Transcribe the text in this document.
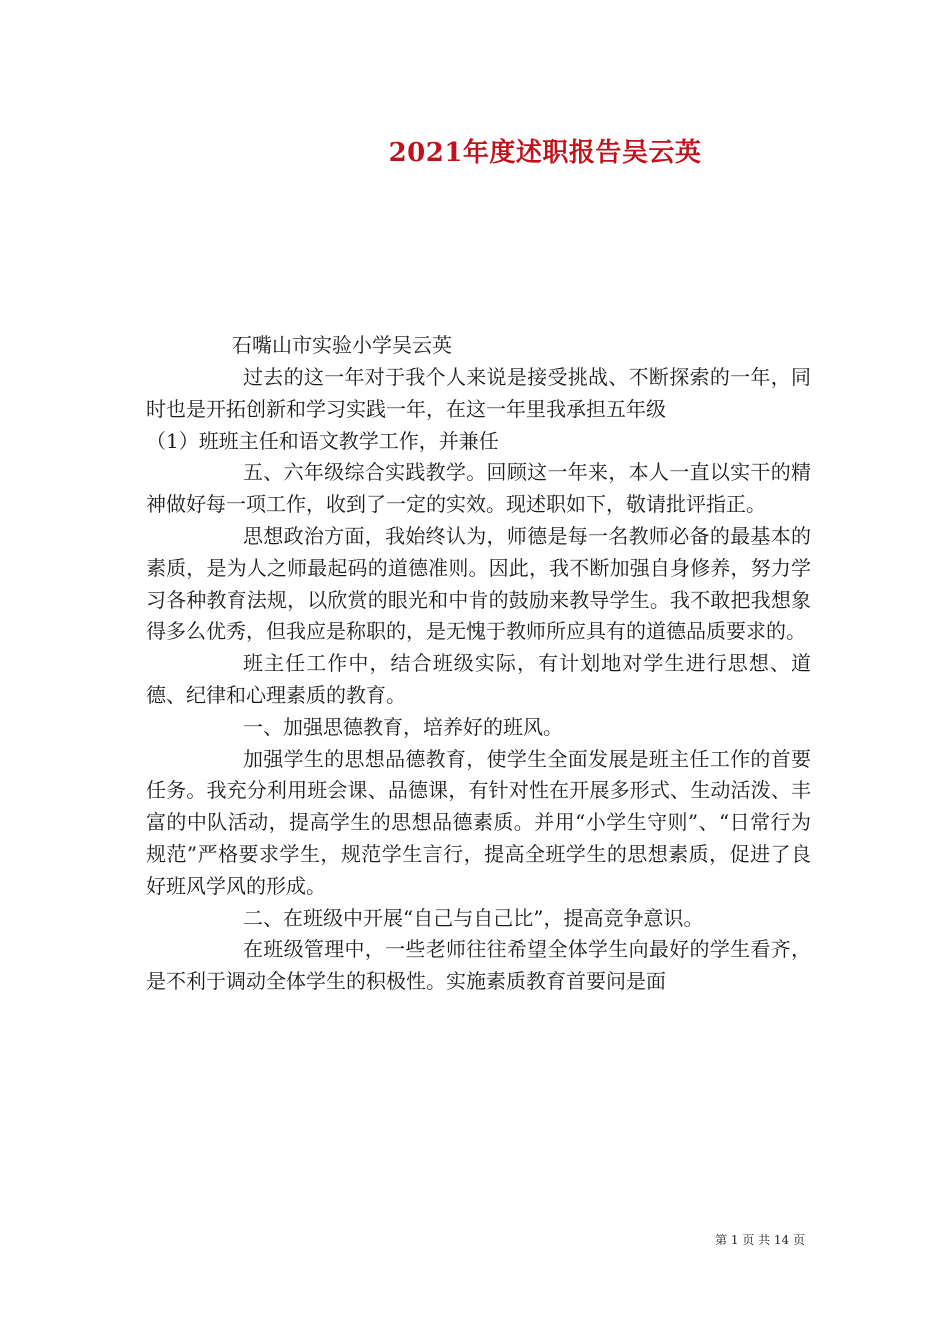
2021年度述职报告吴云英
石嘴山市实验小学吴云英

过去的这一年对于我个人来说是接受挑战、不断探索的一年，同时也是开拓创新和学习实践一年，在这一年里我承担五年级

（1）班班主任和语文教学工作，并兼任

五、六年级综合实践教学。回顾这一年来，本人一直以实干的精神做好每一项工作，收到了一定的实效。现述职如下，敬请批评指正。

思想政治方面，我始终认为，师德是每一名教师必备的最基本的素质，是为人之师最起码的道德准则。因此，我不断加强自身修养，努力学习各种教育法规，以欣赏的眼光和中肯的鼓励来教导学生。我不敢把我想象得多么优秀，但我应是称职的，是无愧于教师所应具有的道德品质要求的。

班主任工作中，结合班级实际，有计划地对学生进行思想、道德、纪律和心理素质的教育。

一、加强思德教育，培养好的班风。

加强学生的思想品德教育，使学生全面发展是班主任工作的首要任务。我充分利用班会课、品德课，有针对性在开展多形式、生动活泼、丰富的中队活动，提高学生的思想品德素质。并用“小学生守则”、“日常行为规范”严格要求学生，规范学生言行，提高全班学生的思想素质，促进了良好班风学风的形成。

二、在班级中开展“自己与自己比”，提高竞争意识。

在班级管理中，一些老师往往希望全体学生向最好的学生看齐，是不利于调动全体学生的积极性。实施素质教育首要问是面

第 1 页 共 14 页
